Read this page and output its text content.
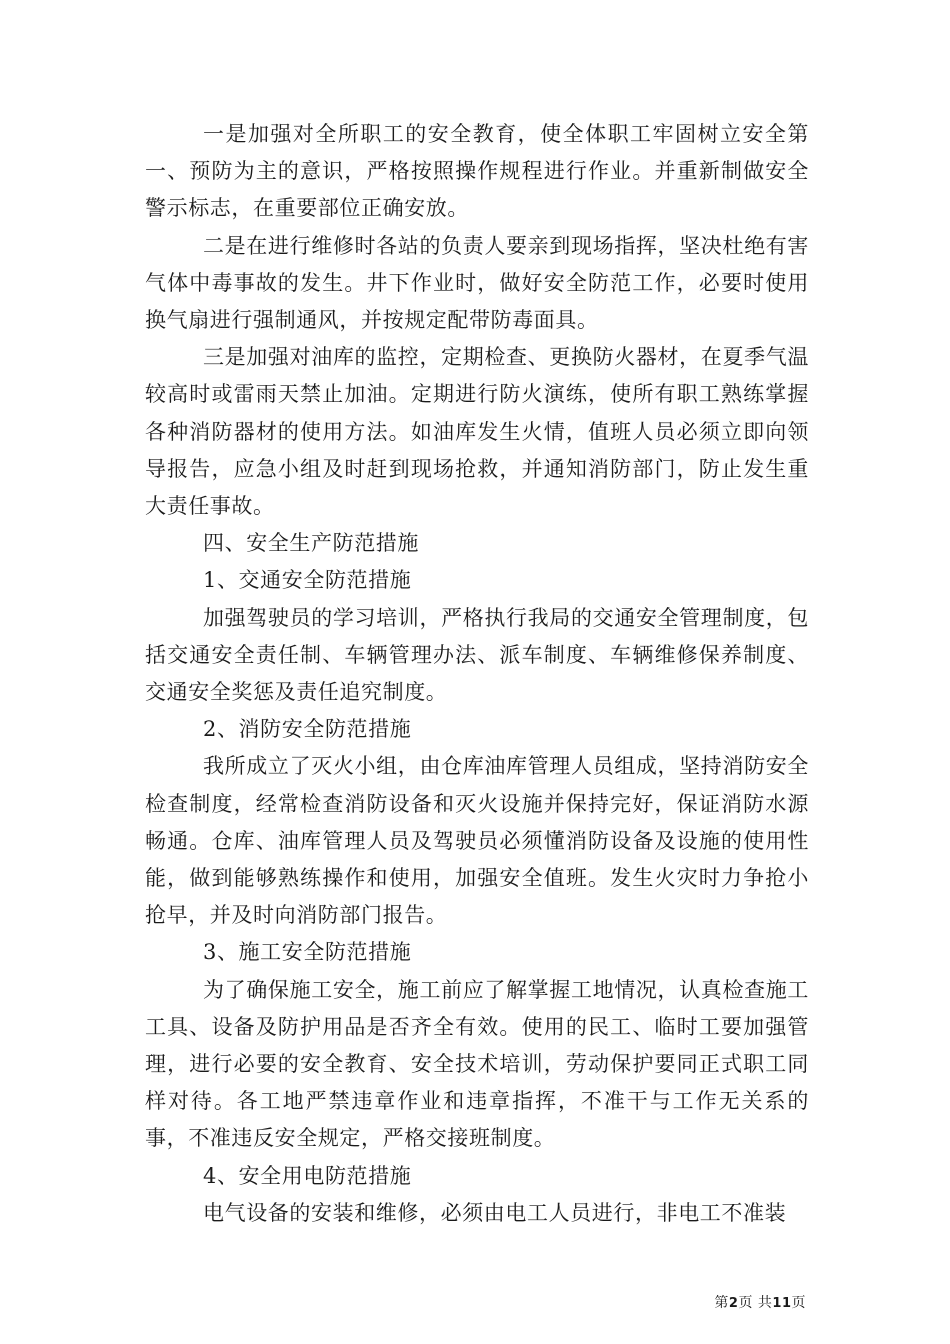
一是加强对全所职工的安全教育，使全体职工牢固树立安全第一、预防为主的意识，严格按照操作规程进行作业。并重新制做安全警示标志，在重要部位正确安放。

二是在进行维修时各站的负责人要亲到现场指挥，坚决杜绝有害气体中毒事故的发生。井下作业时，做好安全防范工作，必要时使用换气扇进行强制通风，并按规定配带防毒面具。

三是加强对油库的监控，定期检查、更换防火器材，在夏季气温较高时或雷雨天禁止加油。定期进行防火演练，使所有职工熟练掌握各种消防器材的使用方法。如油库发生火情，值班人员必须立即向领导报告，应急小组及时赶到现场抢救，并通知消防部门，防止发生重大责任事故。

四、安全生产防范措施

1、交通安全防范措施

加强驾驶员的学习培训，严格执行我局的交通安全管理制度，包括交通安全责任制、车辆管理办法、派车制度、车辆维修保养制度、交通安全奖惩及责任追究制度。

2、消防安全防范措施

我所成立了灭火小组，由仓库油库管理人员组成，坚持消防安全检查制度，经常检查消防设备和灭火设施并保持完好，保证消防水源畅通。仓库、油库管理人员及驾驶员必须懂消防设备及设施的使用性能，做到能够熟练操作和使用，加强安全值班。发生火灾时力争抢小抢早，并及时向消防部门报告。

3、施工安全防范措施

为了确保施工安全，施工前应了解掌握工地情况，认真检查施工工具、设备及防护用品是否齐全有效。使用的民工、临时工要加强管理，进行必要的安全教育、安全技术培训，劳动保护要同正式职工同样对待。各工地严禁违章作业和违章指挥，不准干与工作无关系的事，不准违反安全规定，严格交接班制度。

4、安全用电防范措施

电气设备的安装和维修，必须由电工人员进行，非电工不准装

第2页 共11页
